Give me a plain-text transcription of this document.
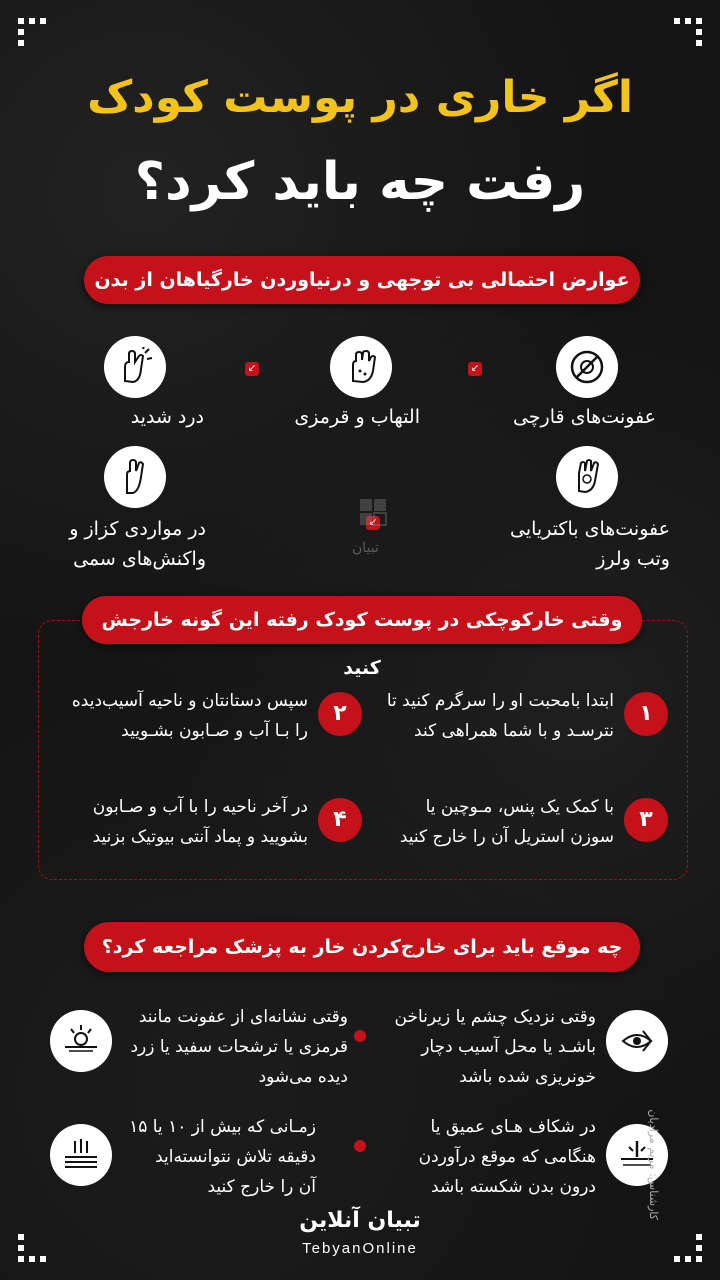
اگر خاری در پوست کودک
رفت چه باید کرد؟
عوارض احتمالی بی توجهی و درنیاوردن خارگیاهان از بدن
↙
↙
عفونت‌های قارچی
التهاب و قرمزی
درد شدید
↙
تبیان
عفونت‌های باکتریایی
وتب ولرز
در مواردی کزاز و
واکنش‌های سمی
وقتی خارکوچکی در پوست کودک رفته این گونه خارجش کنید
۱
ابتدا بامحبت او را سرگرم کنید تا
نترسـد و با شما همراهی کند
۲
سپس دستانتان و ناحیه آسیب‌دیده
را بـا آب و صـابون بشـویید
۳
با کمک یک پنس، مـوچین یا
سوزن استریل آن را خارج کنید
۴
در آخر ناحیه را با آب و صـابون
بشویید و پماد آنتی بیوتیک بزنید
چه موقع باید برای خارج‌کردن خار به پزشک مراجعه کرد؟
وقتی نزدیک چشم یا زیرناخن
باشـد یا محل آسیب دچار
خونریزی شده باشد
وقتی نشانه‌ای از عفونت مانند
قرمزی یا ترشحات سفید یا زرد
دیده می‌شود
در شکاف هـای عمیق یا
هنگامی که موقع درآوردن
درون بدن شکسته باشد
زمـانی که بیش از ۱۰ یا ۱۵
دقیقه تلاش نتوانسته‌اید
آن را خارج کنید	کارشناس: مریم مرادیان
تبیان آنلاین
TebyanOnline
